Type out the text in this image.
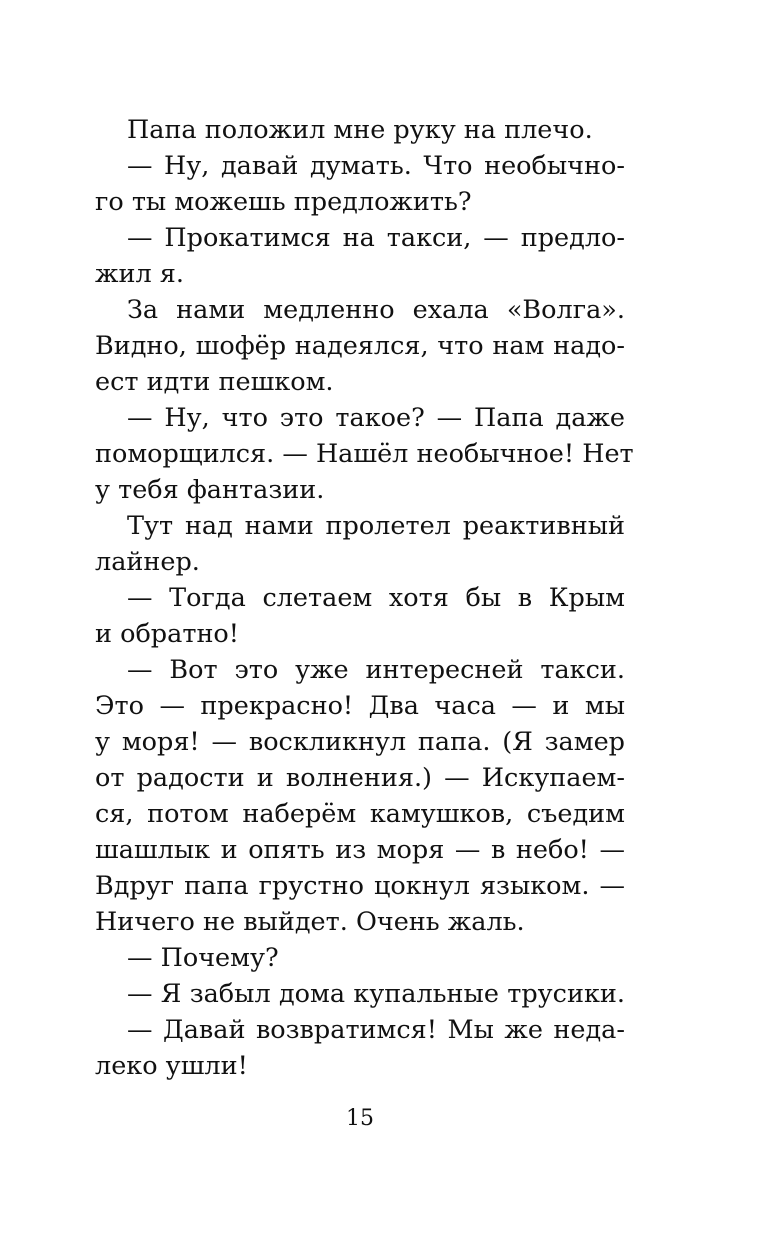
Папа положил мне руку на плечо.
— Ну, давай думать. Что необычно-
го ты можешь предложить?
— Прокатимся на такси, — предло-
жил я.
За нами медленно ехала «Волга».
Видно, шофёр надеялся, что нам надо-
ест идти пешком.
— Ну, что это такое? — Папа даже
поморщился. — Нашёл необычное! Нет
у тебя фантазии.
Тут над нами пролетел реактивный
лайнер.
— Тогда слетаем хотя бы в Крым
и обратно!
— Вот это уже интересней такси.
Это — прекрасно! Два часа — и мы
у моря! — воскликнул папа. (Я замер
от радости и волнения.) — Искупаем-
ся, потом наберём камушков, съедим
шашлык и опять из моря — в небо! —
Вдруг папа грустно цокнул языком. —
Ничего не выйдет. Очень жаль.
— Почему?
— Я забыл дома купальные трусики.
— Давай возвратимся! Мы же неда-
леко ушли!
15
